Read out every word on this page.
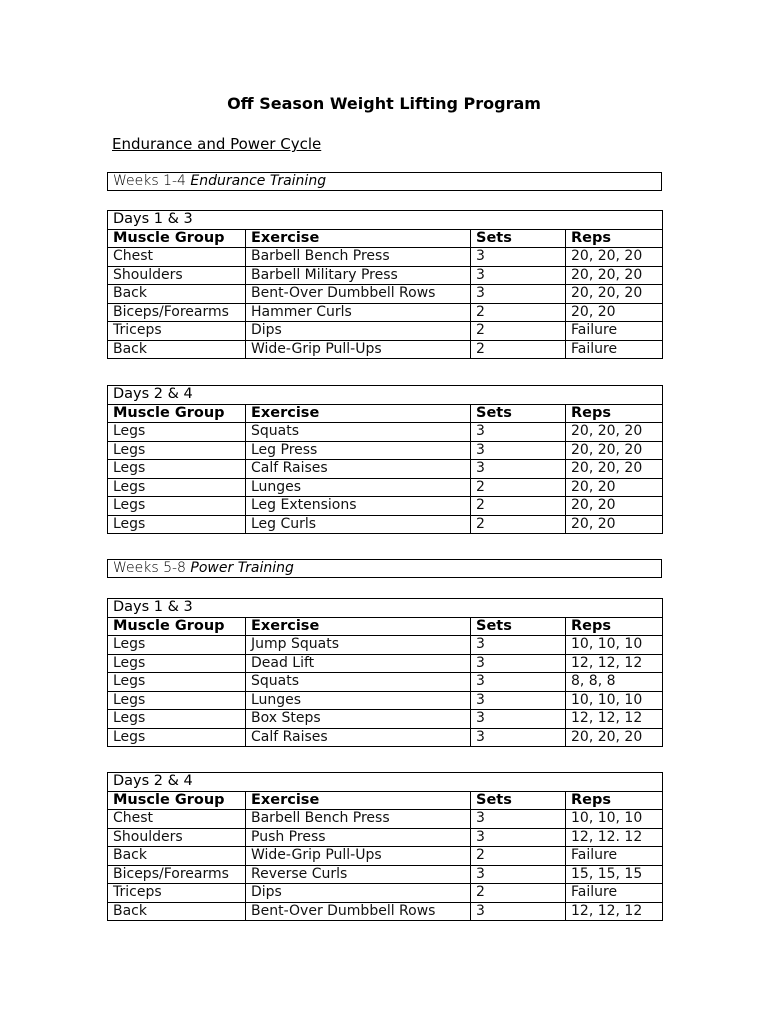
Off Season Weight Lifting Program
Endurance and Power Cycle
Weeks 1-4 Endurance Training
Days 1 & 3			
Muscle Group	Exercise	Sets	Reps
Chest	Barbell Bench Press	3	20, 20, 20
Shoulders	Barbell Military Press	3	20, 20, 20
Back	Bent-Over Dumbbell Rows	3	20, 20, 20
Biceps/Forearms	Hammer Curls	2	20, 20
Triceps	Dips	2	Failure
Back	Wide-Grip Pull-Ups	2	Failure
Days 2 & 4			
Muscle Group	Exercise	Sets	Reps
Legs	Squats	3	20, 20, 20
Legs	Leg Press	3	20, 20, 20
Legs	Calf Raises	3	20, 20, 20
Legs	Lunges	2	20, 20
Legs	Leg Extensions	2	20, 20
Legs	Leg Curls	2	20, 20
Weeks 5-8 Power Training
Days 1 & 3			
Muscle Group	Exercise	Sets	Reps
Legs	Jump Squats	3	10, 10, 10
Legs	Dead Lift	3	12, 12, 12
Legs	Squats	3	8, 8, 8
Legs	Lunges	3	10, 10, 10
Legs	Box Steps	3	12, 12, 12
Legs	Calf Raises	3	20, 20, 20
Days 2 & 4			
Muscle Group	Exercise	Sets	Reps
Chest	Barbell Bench Press	3	10, 10, 10
Shoulders	Push Press	3	12, 12. 12
Back	Wide-Grip Pull-Ups	2	Failure
Biceps/Forearms	Reverse Curls	3	15, 15, 15
Triceps	Dips	2	Failure
Back	Bent-Over Dumbbell Rows	3	12, 12, 12
